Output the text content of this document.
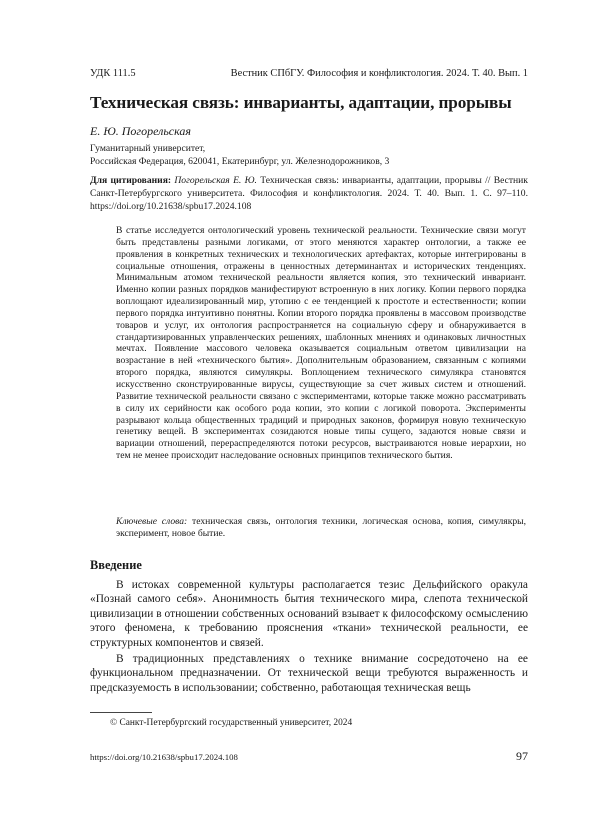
УДК 111.5	Вестник СПбГУ. Философия и конфликтология. 2024. Т. 40. Вып. 1
Техническая связь: инварианты, адаптации, прорывы
Е. Ю. Погорельская
Гуманитарный университет,
Российская Федерация, 620041, Екатеринбург, ул. Железнодорожников, 3
Для цитирования: Погорельская Е. Ю. Техническая связь: инварианты, адаптации, прорывы // Вестник Санкт-Петербургского университета. Философия и конфликтология. 2024. Т. 40. Вып. 1. С. 97–110. https://doi.org/10.21638/spbu17.2024.108

В статье исследуется онтологический уровень технической реальности. Технические связи могут быть представлены разными логиками, от этого меняются характер онтологии, а также ее проявления в конкретных технических и технологических артефактах, которые интегрированы в социальные отношения, отражены в ценностных детерминантах и исторических тенденциях. Минимальным атомом технической реальности является копия, это технический инвариант. Именно копии разных порядков манифестируют встроенную в них логику. Копии первого порядка воплощают идеализированный мир, утопию с ее тенденцией к простоте и естественности; копии первого порядка интуитивно понятны. Копии второго порядка проявлены в массовом производстве товаров и услуг, их онтология распространяется на социальную сферу и обнаруживается в стандартизированных управленческих решениях, шаблонных мнениях и одинаковых личностных мечтах. Появление массового человека оказывается социальным ответом цивилизации на возрастание в ней «технического бытия». Дополнительным образованием, связанным с копиями второго порядка, являются симулякры. Воплощением технического симулякра становятся искусственно сконструированные вирусы, существующие за счет живых систем и отношений. Развитие технической реальности связано с экспериментами, которые также можно рассматривать в силу их серийности как особого рода копии, это копии с логикой поворота. Эксперименты разрывают кольца общественных традиций и природных законов, формируя новую техническую генетику вещей. В экспериментах созидаются новые типы сущего, задаются новые связи и вариации отношений, перераспределяются потоки ресурсов, выстраиваются новые иерархии, но тем не менее происходит наследование основных принципов технического бытия.

Ключевые слова: техническая связь, онтология техники, логическая основа, копия, симулякры, эксперимент, новое бытие.
Введение

В истоках современной культуры располагается тезис Дельфийского оракула «Познай самого себя». Анонимность бытия технического мира, слепота технической цивилизации в отношении собственных оснований взывает к философскому осмыслению этого феномена, к требованию прояснения «ткани» технической реальности, ее структурных компонентов и связей.

В традиционных представлениях о технике внимание сосредоточено на ее функциональном предназначении. От технической вещи требуются выраженность и предсказуемость в использовании; собственно, работающая техническая вещь

© Санкт-Петербургский государственный университет, 2024
https://doi.org/10.21638/spbu17.2024.108	97
